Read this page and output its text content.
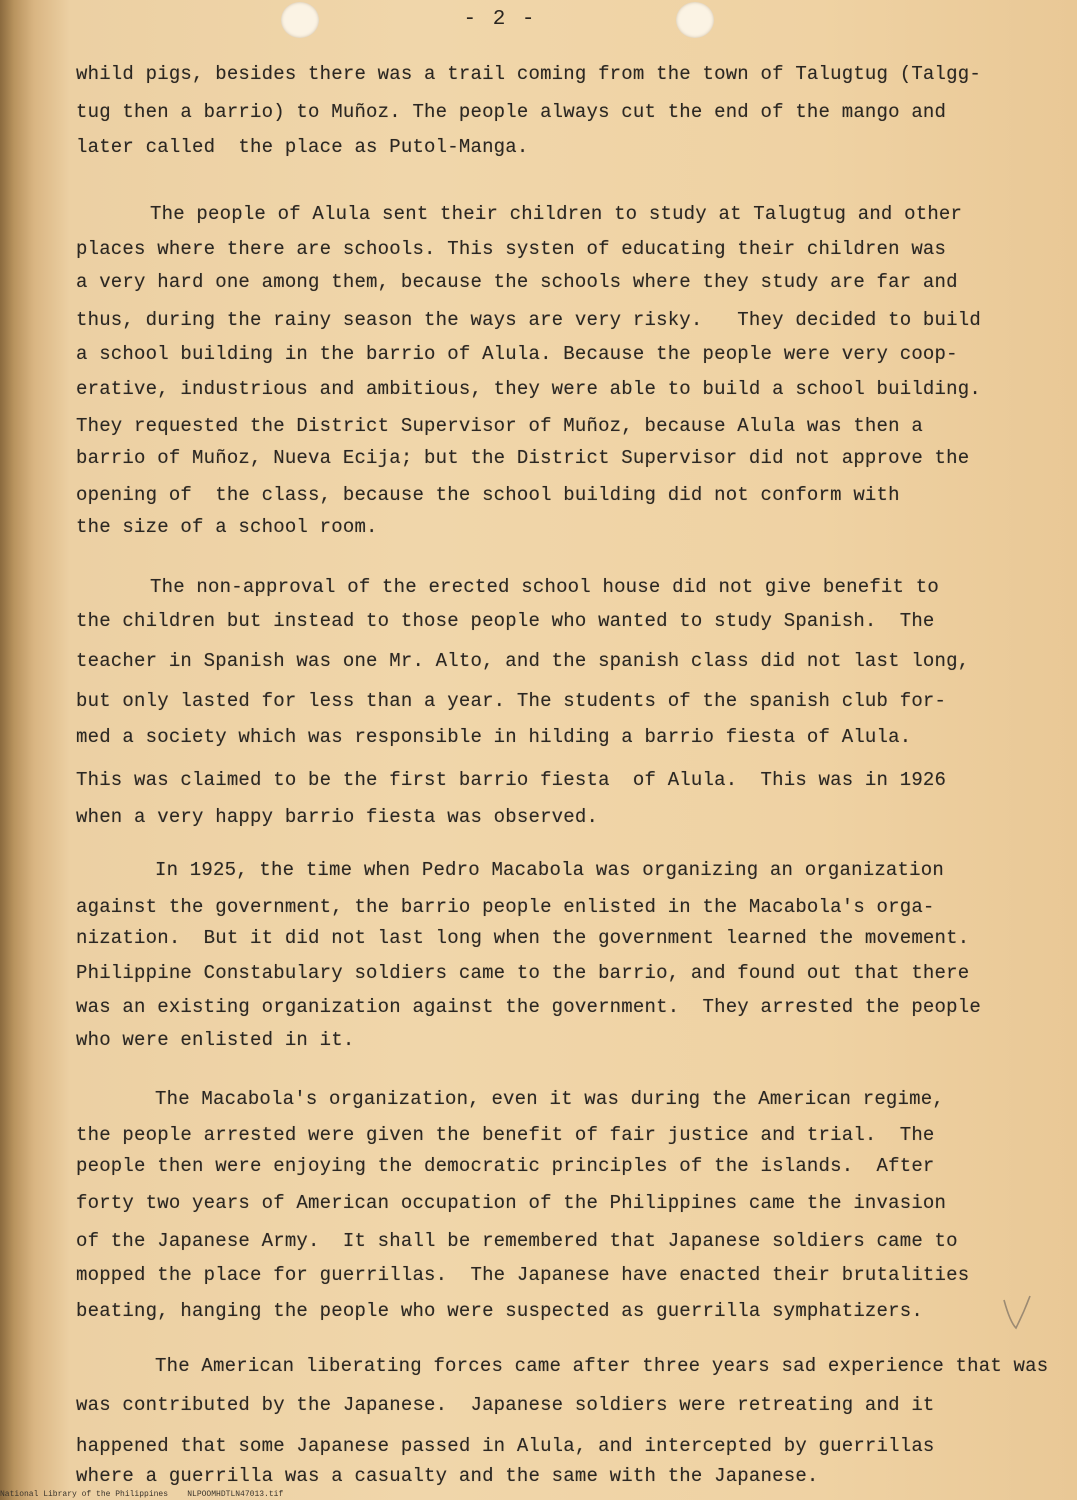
- 2 -

whild pigs, besides there was a trail coming from the town of Talugtug (Talgg-

tug then a barrio) to Muñoz. The people always cut the end of the mango and

later called  the place as Putol-Manga.

The people of Alula sent their children to study at Talugtug and other

places where there are schools. This systen of educating their children was

a very hard one among them, because the schools where they study are far and

thus, during the rainy season the ways are very risky.   They decided to build

a school building in the barrio of Alula. Because the people were very coop-

erative, industrious and ambitious, they were able to build a school building.

They requested the District Supervisor of Muñoz, because Alula was then a

barrio of Muñoz, Nueva Ecija; but the District Supervisor did not approve the

opening of  the class, because the school building did not conform with

the size of a school room.

The non-approval of the erected school house did not give benefit to

the children but instead to those people who wanted to study Spanish.  The

teacher in Spanish was one Mr. Alto, and the spanish class did not last long,

but only lasted for less than a year. The students of the spanish club for-

med a society which was responsible in hilding a barrio fiesta of Alula.

This was claimed to be the first barrio fiesta  of Alula.  This was in 1926

when a very happy barrio fiesta was observed.

In 1925, the time when Pedro Macabola was organizing an organization

against the government, the barrio people enlisted in the Macabola's orga-

nization.  But it did not last long when the government learned the movement.

Philippine Constabulary soldiers came to the barrio, and found out that there

was an existing organization against the government.  They arrested the people

who were enlisted in it.

The Macabola's organization, even it was during the American regime,

the people arrested were given the benefit of fair justice and trial.  The

people then were enjoying the democratic principles of the islands.  After

forty two years of American occupation of the Philippines came the invasion

of the Japanese Army.  It shall be remembered that Japanese soldiers came to

mopped the place for guerrillas.  The Japanese have enacted their brutalities

beating, hanging the people who were suspected as guerrilla symphatizers.

The American liberating forces came after three years sad experience that was

was contributed by the Japanese.  Japanese soldiers were retreating and it

happened that some Japanese passed in Alula, and intercepted by guerrillas

where a guerrilla was a casualty and the same with the Japanese.

National Library of the Philippines    NLPOOMHDTLN47013.tif
